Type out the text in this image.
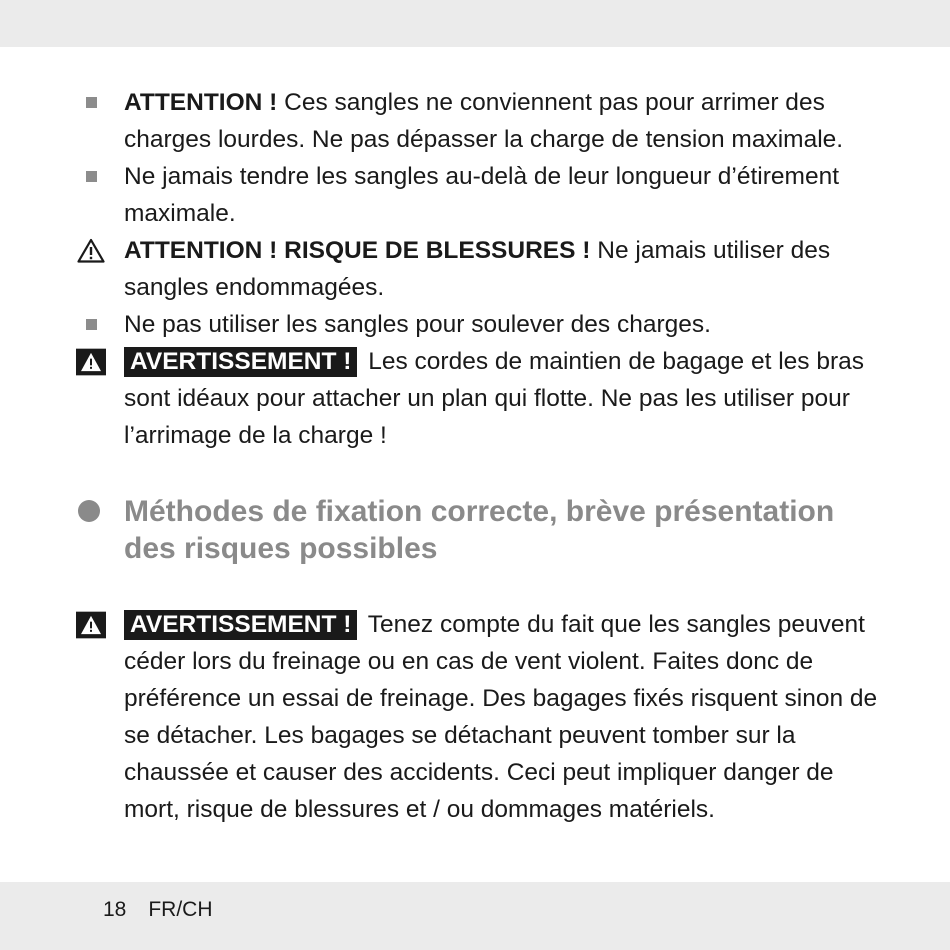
ATTENTION ! Ces sangles ne conviennent pas pour arrimer des charges lourdes. Ne pas dépasser la charge de tension maximale.
Ne jamais tendre les sangles au-delà de leur longueur d’étirement maximale.
ATTENTION ! RISQUE DE BLESSURES ! Ne jamais utiliser des sangles endommagées.
Ne pas utiliser les sangles pour soulever des charges.
AVERTISSEMENT ! Les cordes de maintien de bagage et les bras sont idéaux pour attacher un plan qui flotte. Ne pas les utiliser pour l’arrimage de la charge !
Méthodes de fixation correcte, brève présentation des risques possibles
AVERTISSEMENT ! Tenez compte du fait que les sangles peuvent céder lors du freinage ou en cas de vent violent. Faites donc de préférence un essai de freinage. Des bagages fixés risquent sinon de se détacher. Les bagages se détachant peuvent tomber sur la chaussée et causer des accidents. Ceci peut impliquer danger de mort, risque de blessures et / ou dommages matériels.
18 FR/CH
